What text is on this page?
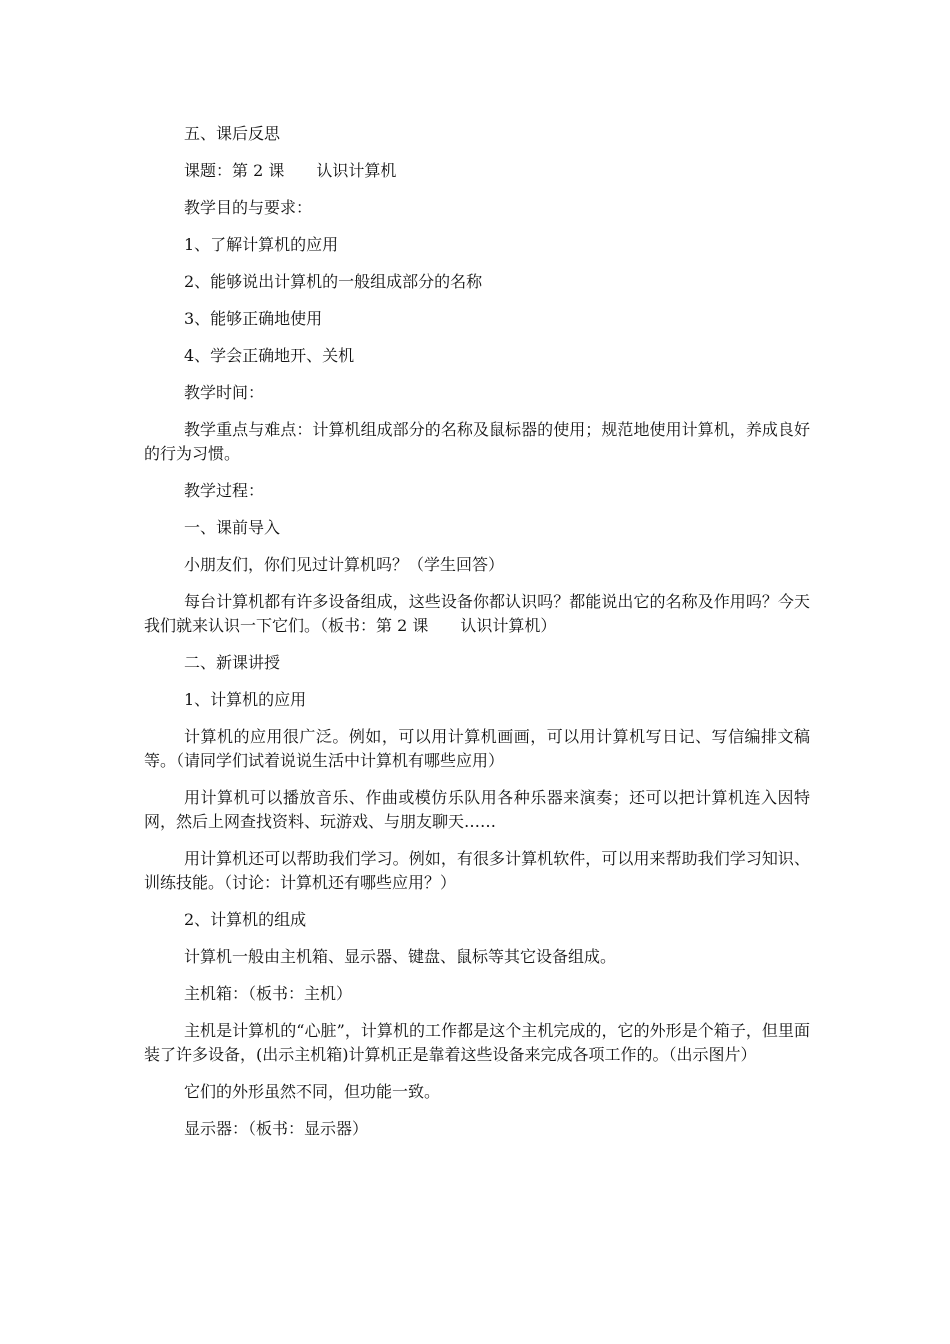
五、课后反思

课题：第 2 课　　认识计算机

教学目的与要求：

1、了解计算机的应用

2、能够说出计算机的一般组成部分的名称

3、能够正确地使用

4、学会正确地开、关机

教学时间：

教学重点与难点：计算机组成部分的名称及鼠标器的使用；规范地使用计算机，养成良好的行为习惯。

教学过程：

一、课前导入

小朋友们，你们见过计算机吗？（学生回答）

每台计算机都有许多设备组成，这些设备你都认识吗？都能说出它的名称及作用吗？今天我们就来认识一下它们。（板书：第 2 课　　认识计算机）

二、新课讲授

1、计算机的应用

计算机的应用很广泛。例如，可以用计算机画画，可以用计算机写日记、写信编排文稿等。（请同学们试着说说生活中计算机有哪些应用）

用计算机可以播放音乐、作曲或模仿乐队用各种乐器来演奏；还可以把计算机连入因特网，然后上网查找资料、玩游戏、与朋友聊天……

用计算机还可以帮助我们学习。例如，有很多计算机软件，可以用来帮助我们学习知识、训练技能。（讨论：计算机还有哪些应用？）

2、计算机的组成

计算机一般由主机箱、显示器、键盘、鼠标等其它设备组成。

主机箱：（板书：主机）

主机是计算机的“心脏”，计算机的工作都是这个主机完成的，它的外形是个箱子，但里面装了许多设备，(出示主机箱)计算机正是靠着这些设备来完成各项工作的。（出示图片）

它们的外形虽然不同，但功能一致。

显示器：（板书：显示器）
